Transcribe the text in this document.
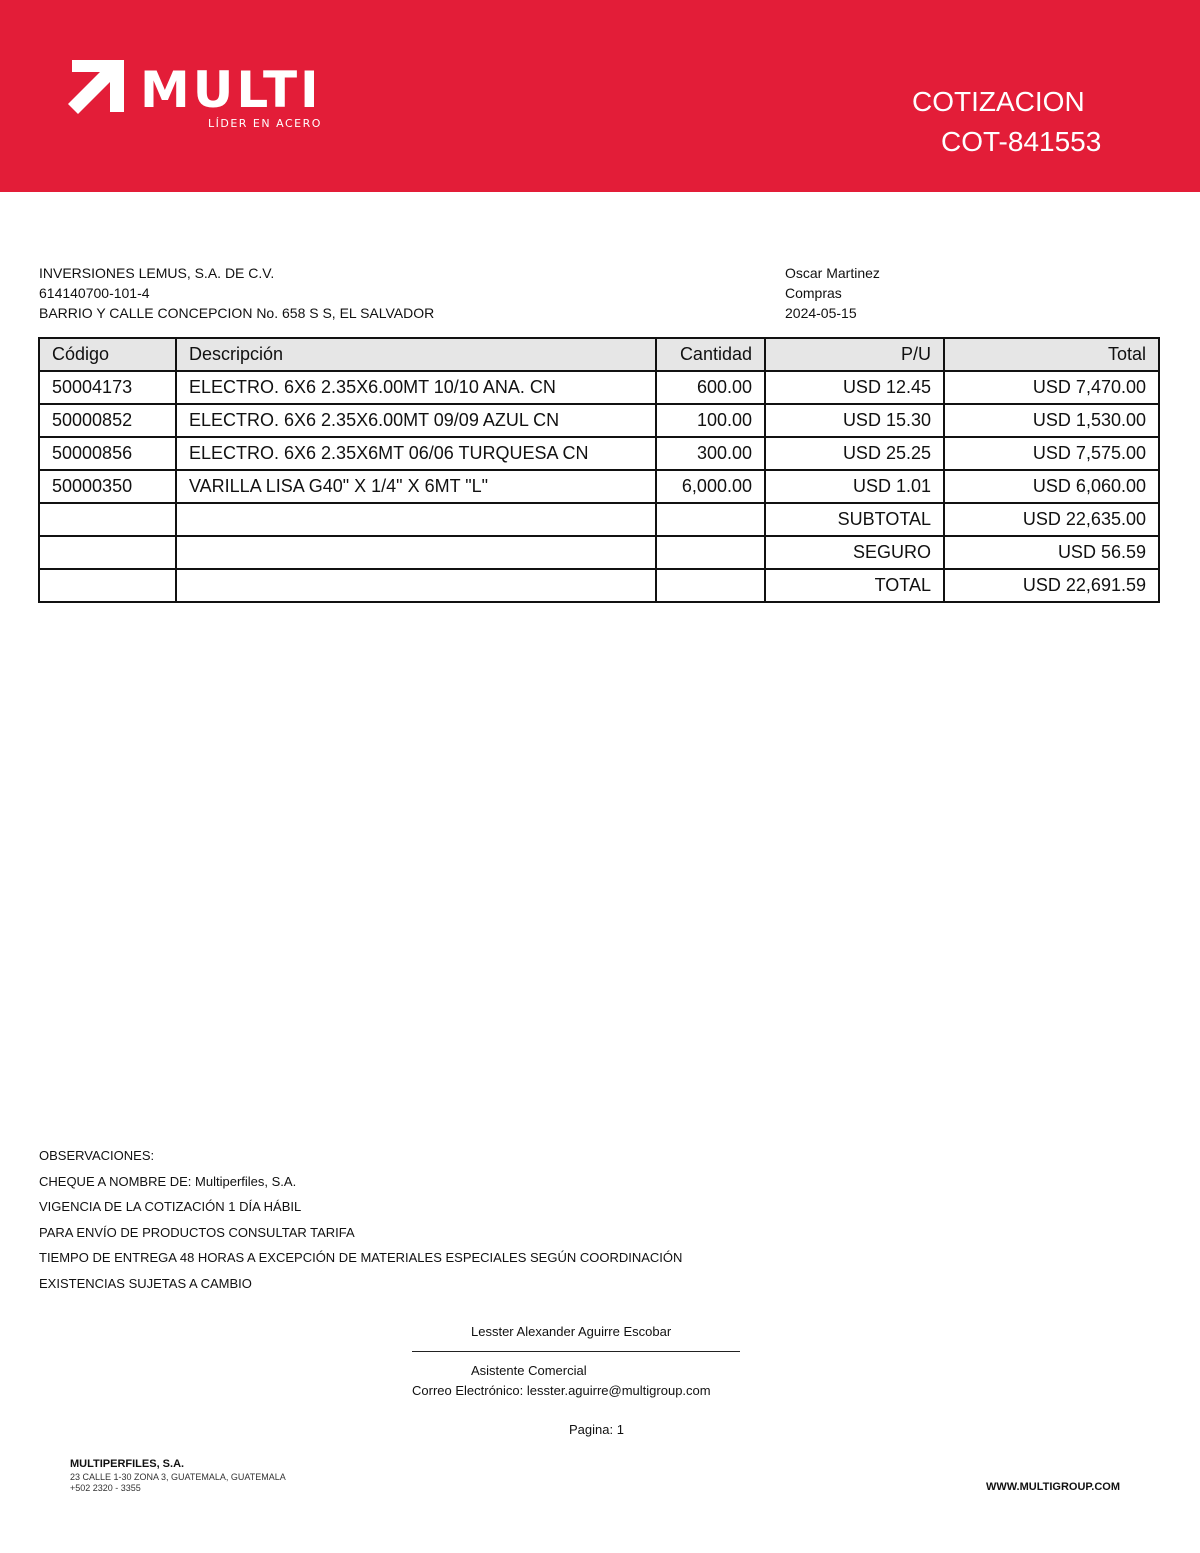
MULTI
LÍDER EN ACERO
COTIZACION
COT-841553
INVERSIONES LEMUS, S.A. DE C.V.
614140700-101-4
BARRIO Y CALLE CONCEPCION No. 658 S S, EL SALVADOR
Oscar Martinez
Compras
2024-05-15
Código	Descripción	Cantidad	P/U	Total
50004173	ELECTRO. 6X6 2.35X6.00MT 10/10 ANA. CN	600.00	USD 12.45	USD 7,470.00
50000852	ELECTRO. 6X6 2.35X6.00MT 09/09 AZUL CN	100.00	USD 15.30	USD 1,530.00
50000856	ELECTRO. 6X6 2.35X6MT 06/06 TURQUESA CN	300.00	USD 25.25	USD 7,575.00
50000350	VARILLA LISA G40" X 1/4" X 6MT "L"	6,000.00	USD 1.01	USD 6,060.00
			SUBTOTAL	USD 22,635.00
			SEGURO	USD 56.59
			TOTAL	USD 22,691.59
OBSERVACIONES:
CHEQUE A NOMBRE DE: Multiperfiles, S.A.
VIGENCIA DE LA COTIZACIÓN 1 DÍA HÁBIL
PARA ENVÍO DE PRODUCTOS CONSULTAR TARIFA
TIEMPO DE ENTREGA 48 HORAS A EXCEPCIÓN DE MATERIALES ESPECIALES SEGÚN COORDINACIÓN
EXISTENCIAS SUJETAS A CAMBIO
Lesster Alexander Aguirre Escobar
Asistente Comercial
Correo Electrónico: lesster.aguirre@multigroup.com
Pagina: 1
MULTIPERFILES, S.A.
23 CALLE 1-30 ZONA 3, GUATEMALA, GUATEMALA
+502 2320 - 3355	WWW.MULTIGROUP.COM
